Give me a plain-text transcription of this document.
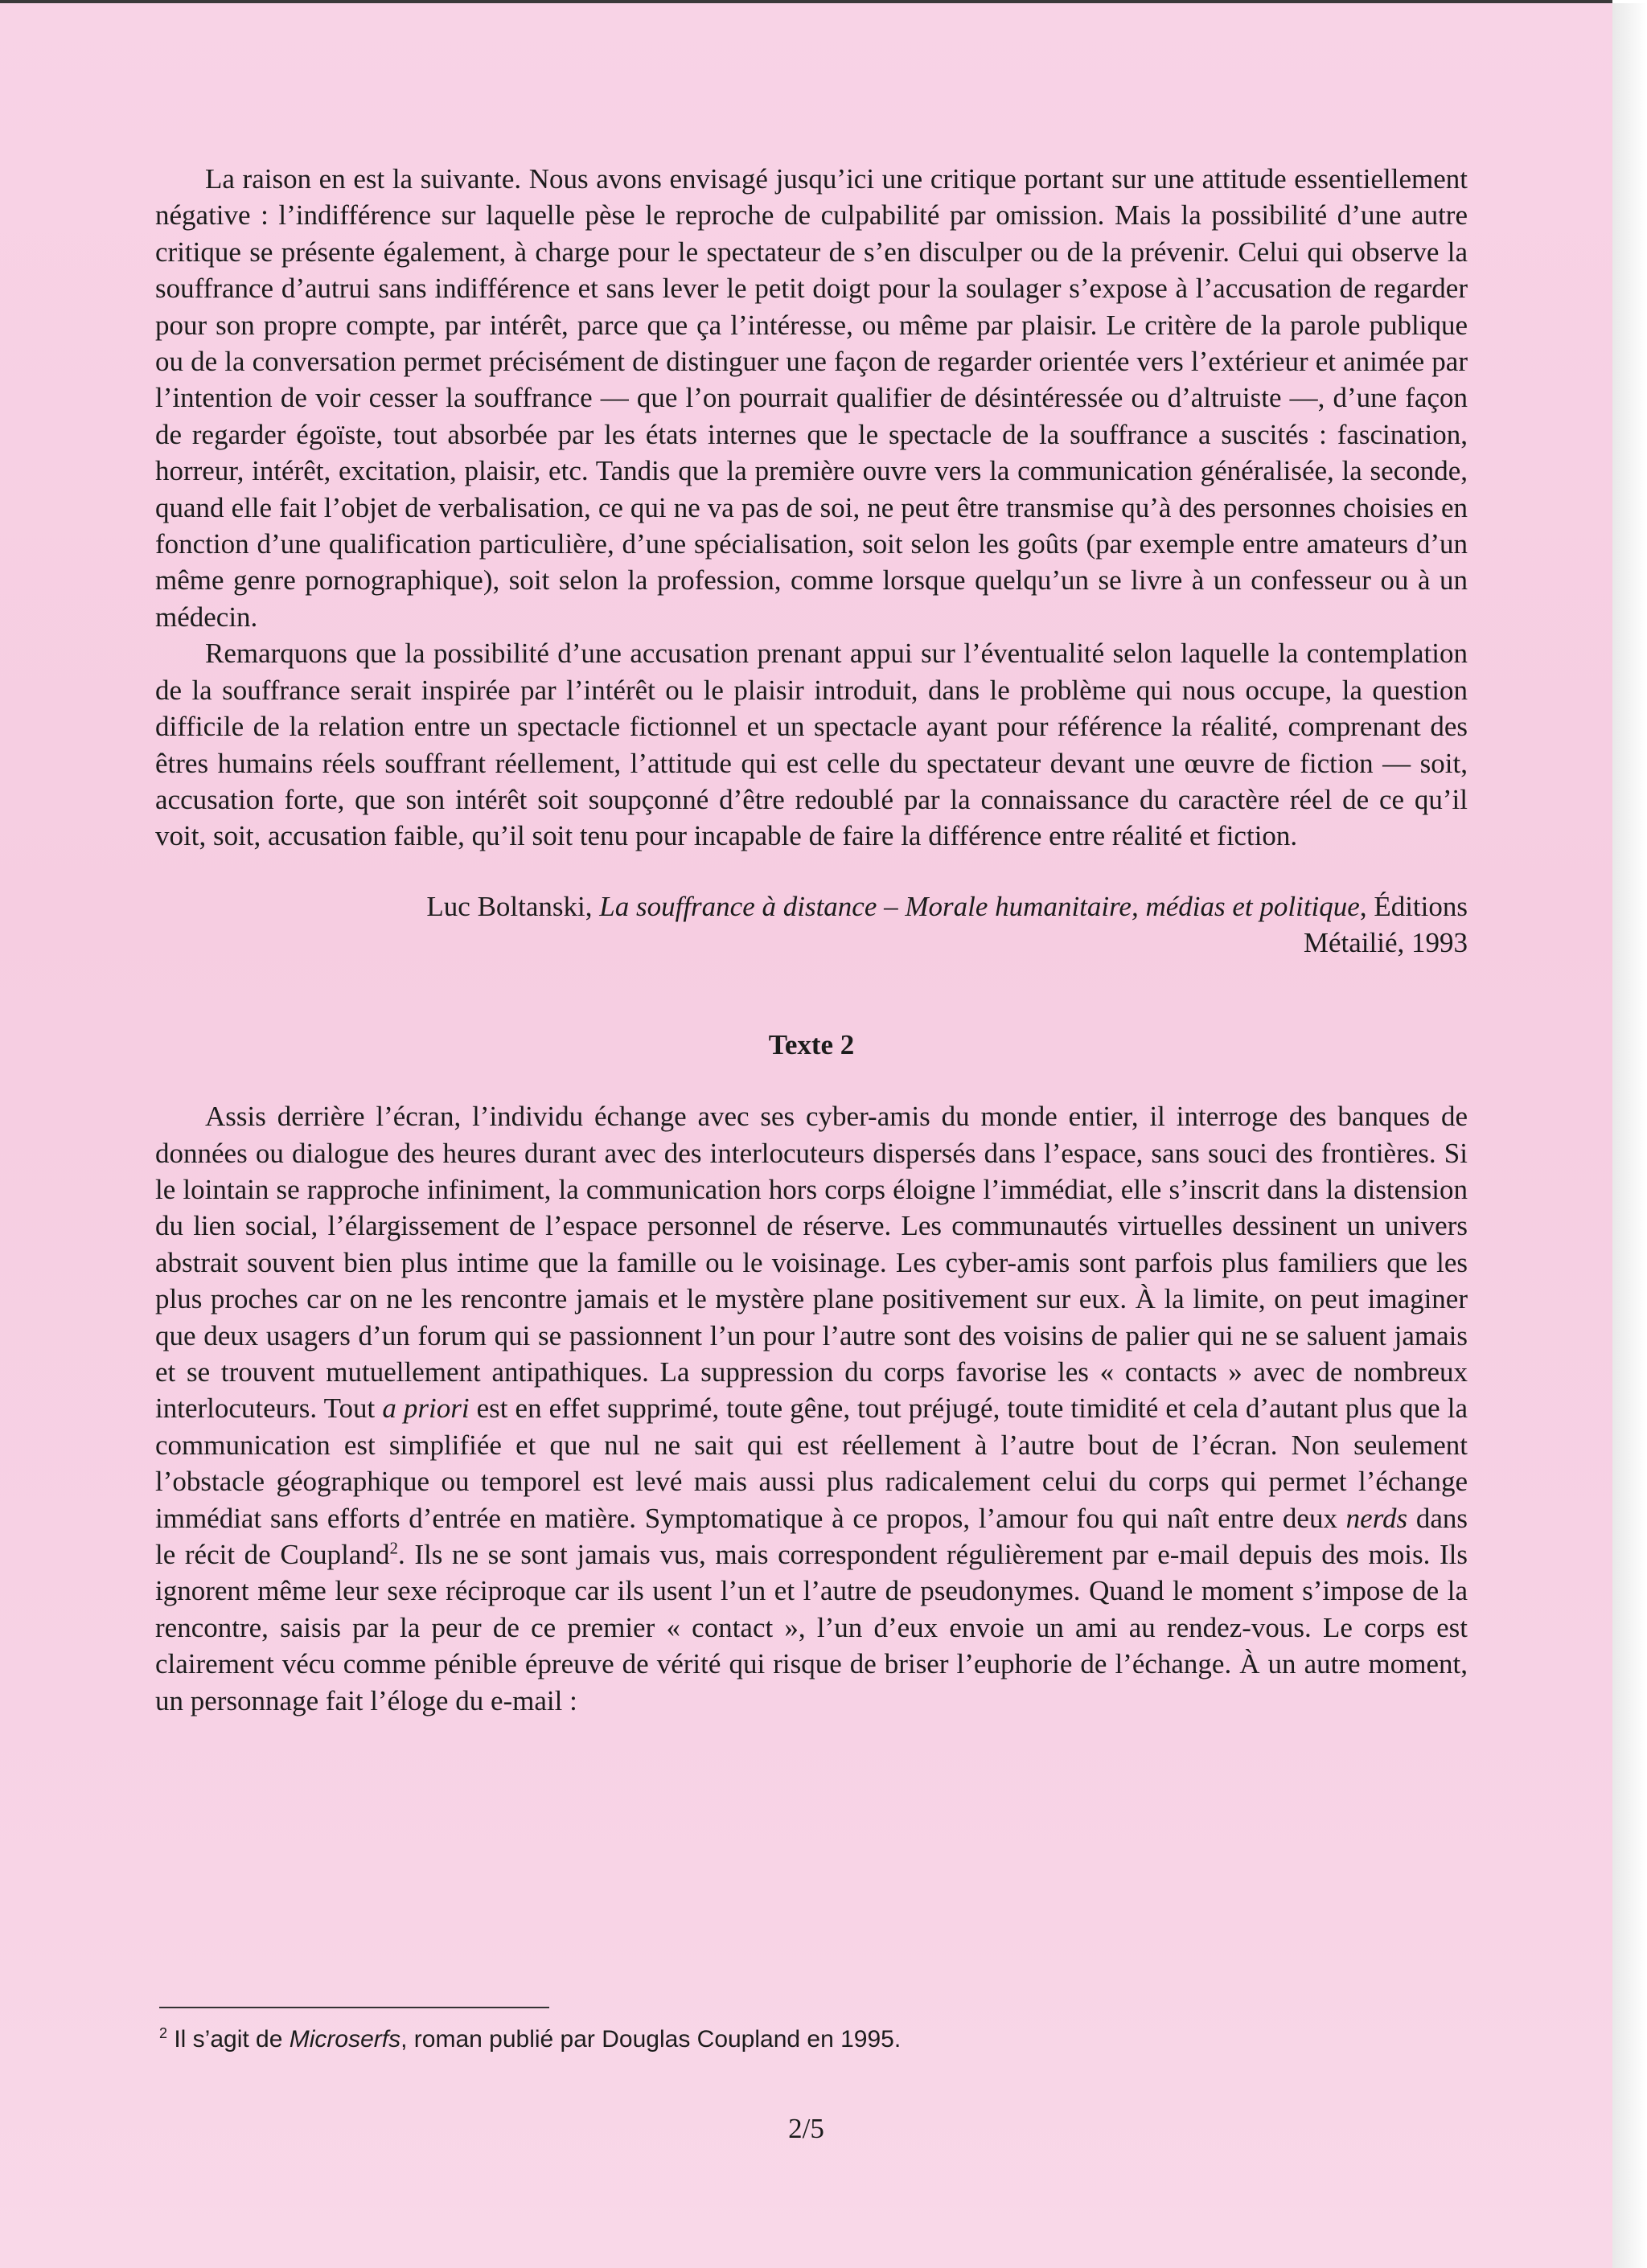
La raison en est la suivante. Nous avons envisagé jusqu’ici une critique portant sur une attitude essentiellement négative : l’indifférence sur laquelle pèse le reproche de culpabilité par omission. Mais la possibilité d’une autre critique se présente également, à charge pour le spectateur de s’en disculper ou de la prévenir. Celui qui observe la souffrance d’autrui sans indifférence et sans lever le petit doigt pour la soulager s’expose à l’accusation de regarder pour son propre compte, par intérêt, parce que ça l’intéresse, ou même par plaisir. Le critère de la parole publique ou de la conversation permet précisément de distinguer une façon de regarder orientée vers l’extérieur et animée par l’intention de voir cesser la souffrance — que l’on pourrait qualifier de désintéressée ou d’altruiste —, d’une façon de regarder égoïste, tout absorbée par les états internes que le spectacle de la souffrance a suscités : fascination, horreur, intérêt, excitation, plaisir, etc. Tandis que la première ouvre vers la communication généralisée, la seconde, quand elle fait l’objet de verbalisation, ce qui ne va pas de soi, ne peut être transmise qu’à des personnes choisies en fonction d’une qualification particulière, d’une spécialisation, soit selon les goûts (par exemple entre amateurs d’un même genre pornographique), soit selon la profession, comme lorsque quelqu’un se livre à un confesseur ou à un médecin.

Remarquons que la possibilité d’une accusation prenant appui sur l’éventualité selon laquelle la contemplation de la souffrance serait inspirée par l’intérêt ou le plaisir introduit, dans le problème qui nous occupe, la question difficile de la relation entre un spectacle fictionnel et un spectacle ayant pour référence la réalité, comprenant des êtres humains réels souffrant réellement, l’attitude qui est celle du spectateur devant une œuvre de fiction — soit, accusation forte, que son intérêt soit soupçonné d’être redoublé par la connaissance du caractère réel de ce qu’il voit, soit, accusation faible, qu’il soit tenu pour incapable de faire la différence entre réalité et fiction.

Luc Boltanski, La souffrance à distance – Morale humanitaire, médias et politique, Éditions
Métailié, 1993
Texte 2

Assis derrière l’écran, l’individu échange avec ses cyber-amis du monde entier, il interroge des banques de données ou dialogue des heures durant avec des interlocuteurs dispersés dans l’espace, sans souci des frontières. Si le lointain se rapproche infiniment, la communication hors corps éloigne l’immédiat, elle s’inscrit dans la distension du lien social, l’élargissement de l’espace personnel de réserve. Les communautés virtuelles dessinent un univers abstrait souvent bien plus intime que la famille ou le voisinage. Les cyber-amis sont parfois plus familiers que les plus proches car on ne les rencontre jamais et le mystère plane positivement sur eux. À la limite, on peut imaginer que deux usagers d’un forum qui se passionnent l’un pour l’autre sont des voisins de palier qui ne se saluent jamais et se trouvent mutuellement antipathiques. La suppression du corps favorise les « contacts » avec de nombreux interlocuteurs. Tout a priori est en effet supprimé, toute gêne, tout préjugé, toute timidité et cela d’autant plus que la communication est simplifiée et que nul ne sait qui est réellement à l’autre bout de l’écran. Non seulement l’obstacle géographique ou temporel est levé mais aussi plus radicalement celui du corps qui permet l’échange immédiat sans efforts d’entrée en matière. Symptomatique à ce propos, l’amour fou qui naît entre deux nerds dans le récit de Coupland$^2$. Ils ne se sont jamais vus, mais correspondent régulièrement par e-mail depuis des mois. Ils ignorent même leur sexe réciproque car ils usent l’un et l’autre de pseudonymes. Quand le moment s’impose de la rencontre, saisis par la peur de ce premier « contact », l’un d’eux envoie un ami au rendez-vous. Le corps est clairement vécu comme pénible épreuve de vérité qui risque de briser l’euphorie de l’échange. À un autre moment, un personnage fait l’éloge du e-mail :

$^2$ Il s’agit de Microserfs, roman publié par Douglas Coupland en 1995.
2/5
